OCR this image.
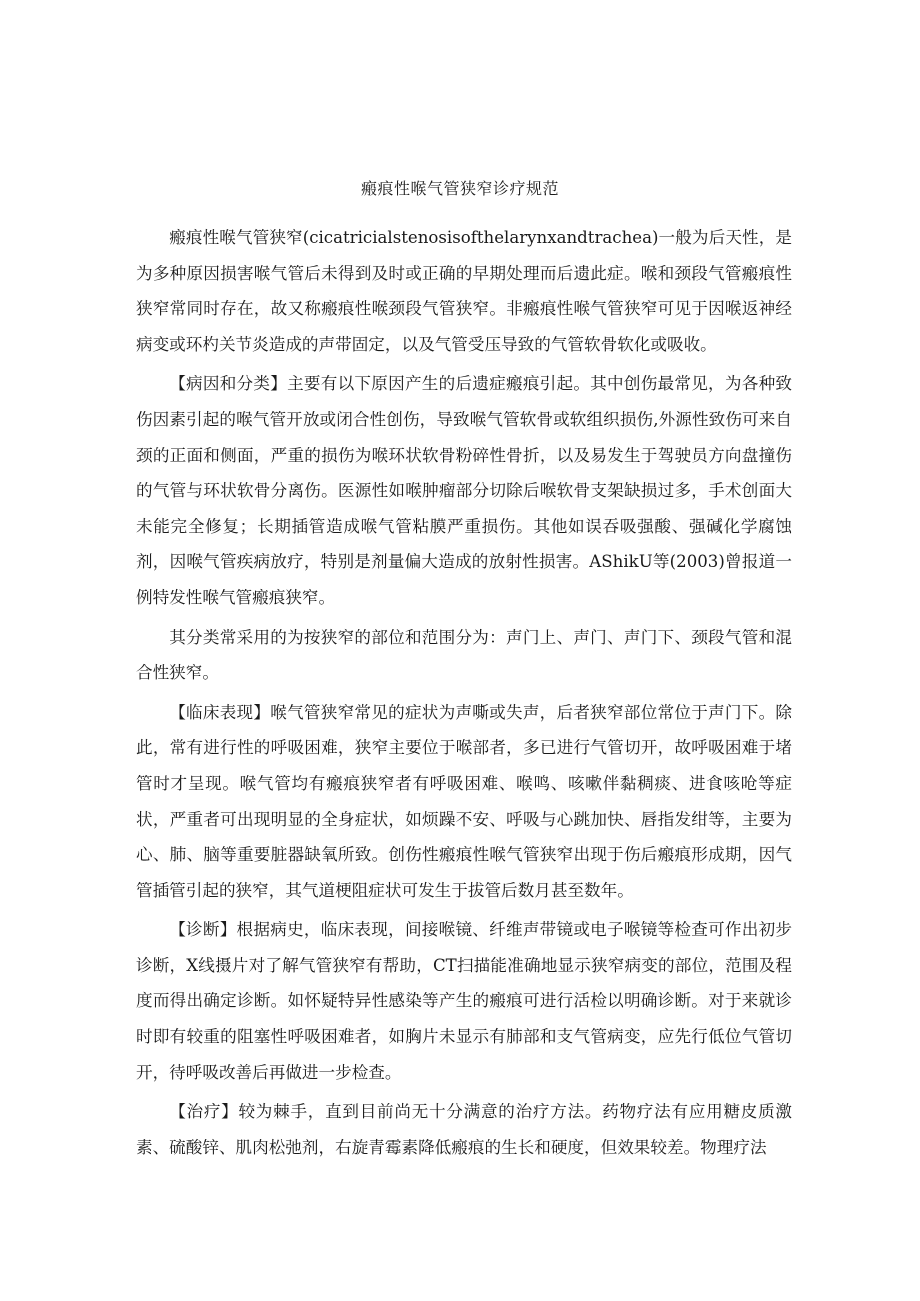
瘢痕性喉气管狭窄诊疗规范

瘢痕性喉气管狭窄(cicatricialstenosisofthelarynxandtrachea)一般为后天性，是为多种原因损害喉气管后未得到及时或正确的早期处理而后遗此症。喉和颈段气管瘢痕性狭窄常同时存在，故又称瘢痕性喉颈段气管狭窄。非瘢痕性喉气管狭窄可见于因喉返神经病变或环杓关节炎造成的声带固定，以及气管受压导致的气管软骨软化或吸收。

【病因和分类】主要有以下原因产生的后遗症瘢痕引起。其中创伤最常见，为各种致伤因素引起的喉气管开放或闭合性创伤，导致喉气管软骨或软组织损伤,外源性致伤可来自颈的正面和侧面，严重的损伤为喉环状软骨粉碎性骨折，以及易发生于驾驶员方向盘撞伤的气管与环状软骨分离伤。医源性如喉肿瘤部分切除后喉软骨支架缺损过多，手术创面大未能完全修复；长期插管造成喉气管粘膜严重损伤。其他如误吞吸强酸、强碱化学腐蚀剂，因喉气管疾病放疗，特别是剂量偏大造成的放射性损害。AShikU等(2003)曾报道一例特发性喉气管瘢痕狭窄。

其分类常采用的为按狭窄的部位和范围分为：声门上、声门、声门下、颈段气管和混合性狭窄。

【临床表现】喉气管狭窄常见的症状为声嘶或失声，后者狭窄部位常位于声门下。除此，常有进行性的呼吸困难，狭窄主要位于喉部者，多已进行气管切开，故呼吸困难于堵管时才呈现。喉气管均有瘢痕狭窄者有呼吸困难、喉鸣、咳嗽伴黏稠痰、进食咳呛等症状，严重者可出现明显的全身症状，如烦躁不安、呼吸与心跳加快、唇指发绀等，主要为心、肺、脑等重要脏器缺氧所致。创伤性瘢痕性喉气管狭窄出现于伤后瘢痕形成期，因气管插管引起的狭窄，其气道梗阻症状可发生于拔管后数月甚至数年。

【诊断】根据病史，临床表现，间接喉镜、纤维声带镜或电子喉镜等检查可作出初步诊断，X线摄片对了解气管狭窄有帮助，CT扫描能准确地显示狭窄病变的部位，范围及程度而得出确定诊断。如怀疑特异性感染等产生的瘢痕可进行活检以明确诊断。对于来就诊时即有较重的阻塞性呼吸困难者，如胸片未显示有肺部和支气管病变，应先行低位气管切开，待呼吸改善后再做进一步检查。

【治疗】较为棘手，直到目前尚无十分满意的治疗方法。药物疗法有应用糖皮质激素、硫酸锌、肌肉松弛剂，右旋青霉素降低瘢痕的生长和硬度，但效果较差。物理疗法
